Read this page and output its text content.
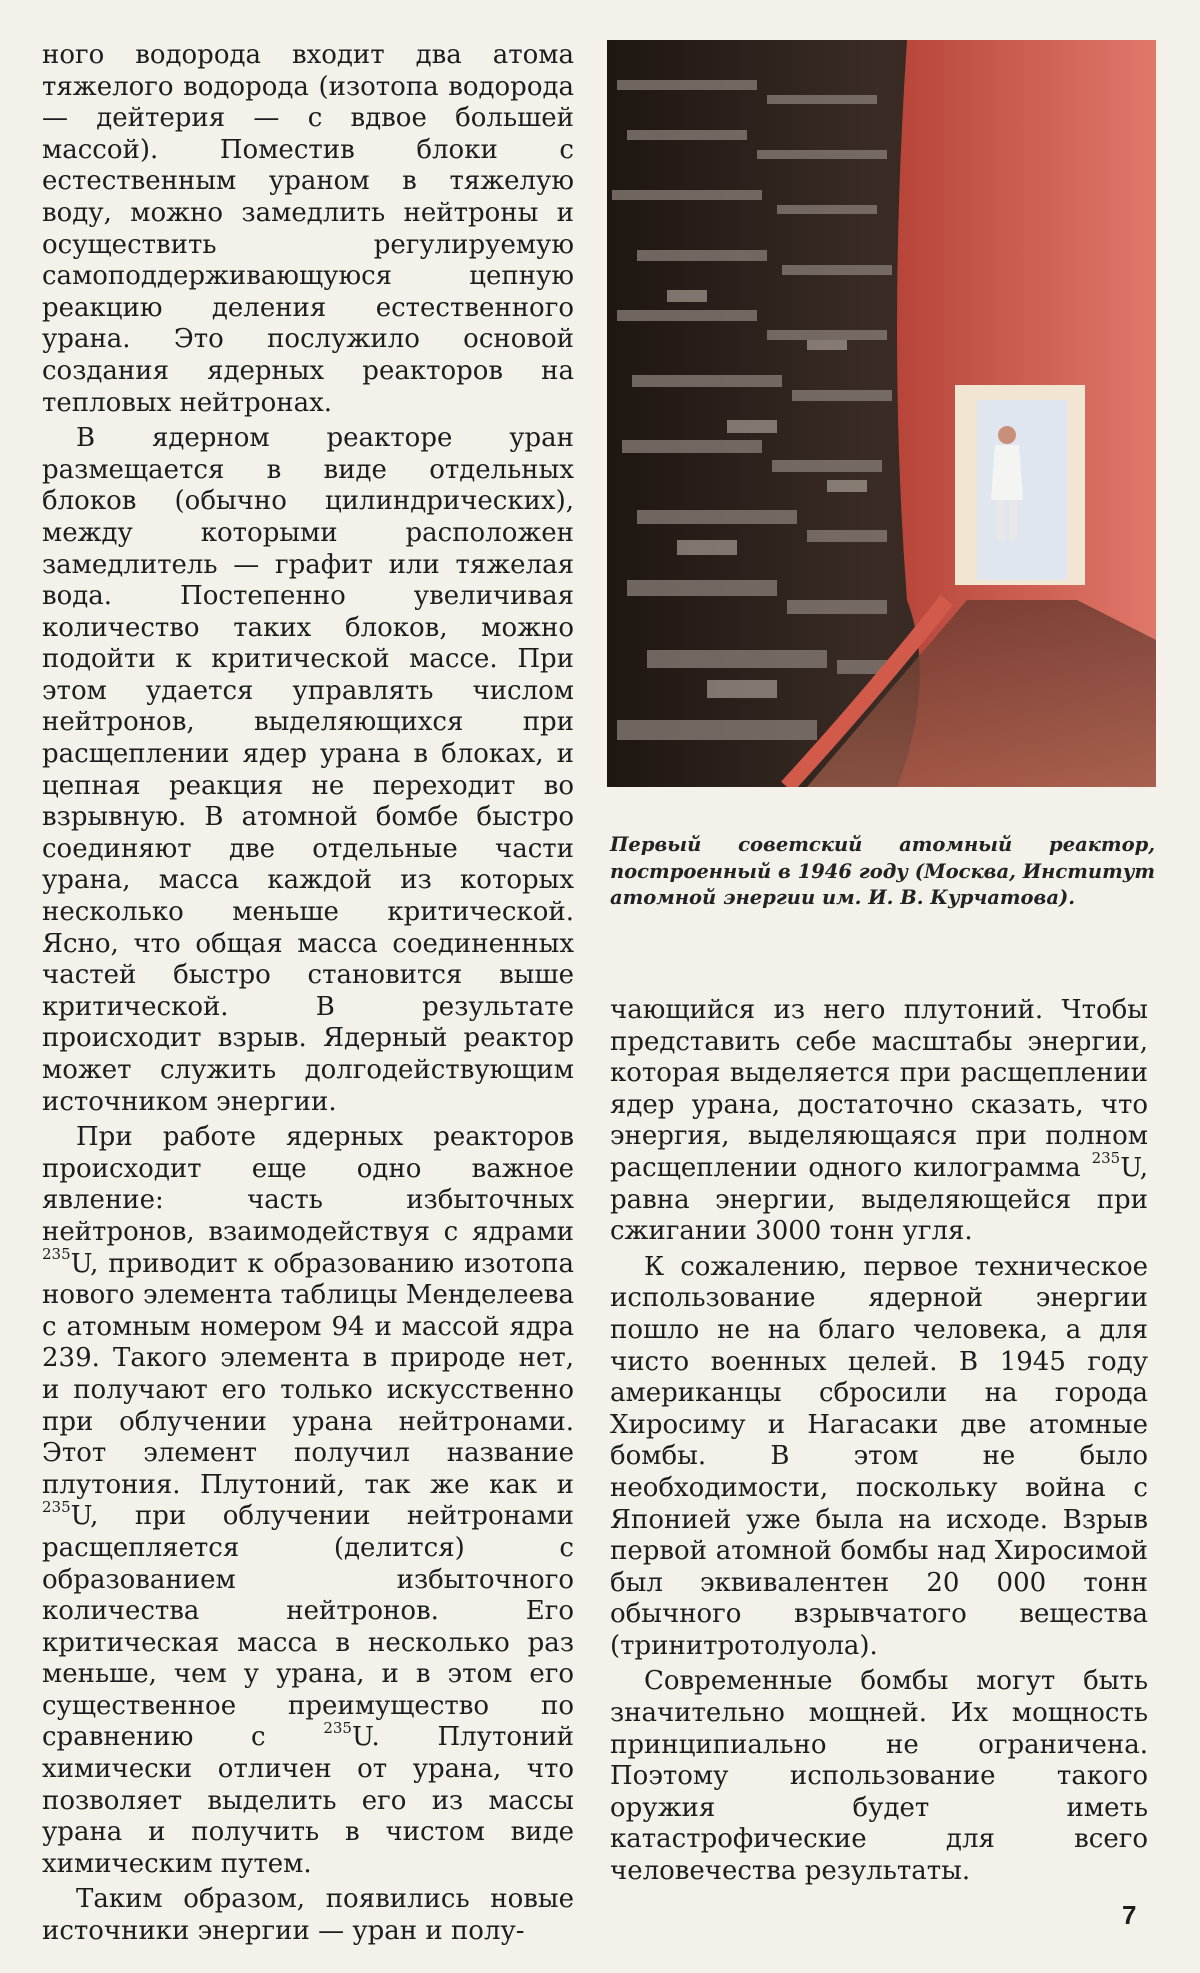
ного водорода входит два атома тяжелого водорода (изотопа водорода — дейтерия — с вдвое большей массой). Поместив блоки с естественным ураном в тяжелую воду, можно замедлить нейтроны и осуществить регулируемую самоподдерживающуюся цепную реакцию деления естественного урана. Это послужило основой создания ядерных реакторов на тепловых нейтронах.

В ядерном реакторе уран размещается в виде отдельных блоков (обычно цилиндрических), между которыми расположен замедлитель — графит или тяжелая вода. Постепенно увеличивая количество таких блоков, можно подойти к критической массе. При этом удается управлять числом нейтронов, выделяющихся при расщеплении ядер урана в блоках, и цепная реакция не переходит во взрывную. В атомной бомбе быстро соединяют две отдельные части урана, масса каждой из которых несколько меньше критической. Ясно, что общая масса соединенных частей быстро становится выше критической. В результате происходит взрыв. Ядерный реактор может служить долгодействующим источником энергии.

При работе ядерных реакторов происходит еще одно важное явление: часть избыточных нейтронов, взаимодействуя с ядрами $^{235}$U, приводит к образованию изотопа нового элемента таблицы Менделеева с атомным номером 94 и массой ядра 239. Такого элемента в природе нет, и получают его только искусственно при облучении урана нейтронами. Этот элемент получил название плутония. Плутоний, так же как и $^{235}$U, при облучении нейтронами расщепляется (делится) с образованием избыточного количества нейтронов. Его критическая масса в несколько раз меньше, чем у урана, и в этом его существенное преимущество по сравнению с $^{235}$U. Плутоний химически отличен от урана, что позволяет выделить его из массы урана и получить в чистом виде химическим путем.

Таким образом, появились новые источники энергии — уран и полу-

Первый советский атомный реактор, построенный в 1946 году (Москва, Институт атомной энергии им. И. В. Курчатова).

чающийся из него плутоний. Чтобы представить себе масштабы энергии, которая выделяется при расщеплении ядер урана, достаточно сказать, что энергия, выделяющаяся при полном расщеплении одного килограмма $^{235}$U, равна энергии, выделяющейся при сжигании 3000 тонн угля.

К сожалению, первое техническое использование ядерной энергии пошло не на благо человека, а для чисто военных целей. В 1945 году американцы сбросили на города Хиросиму и Нагасаки две атомные бомбы. В этом не было необходимости, поскольку война с Японией уже была на исходе. Взрыв первой атомной бомбы над Хиросимой был эквивалентен 20 000 тонн обычного взрывчатого вещества (тринитротолуола).

Современные бомбы могут быть значительно мощней. Их мощность принципиально не ограничена. Поэтому использование такого оружия будет иметь катастрофические для всего человечества результаты.

7
